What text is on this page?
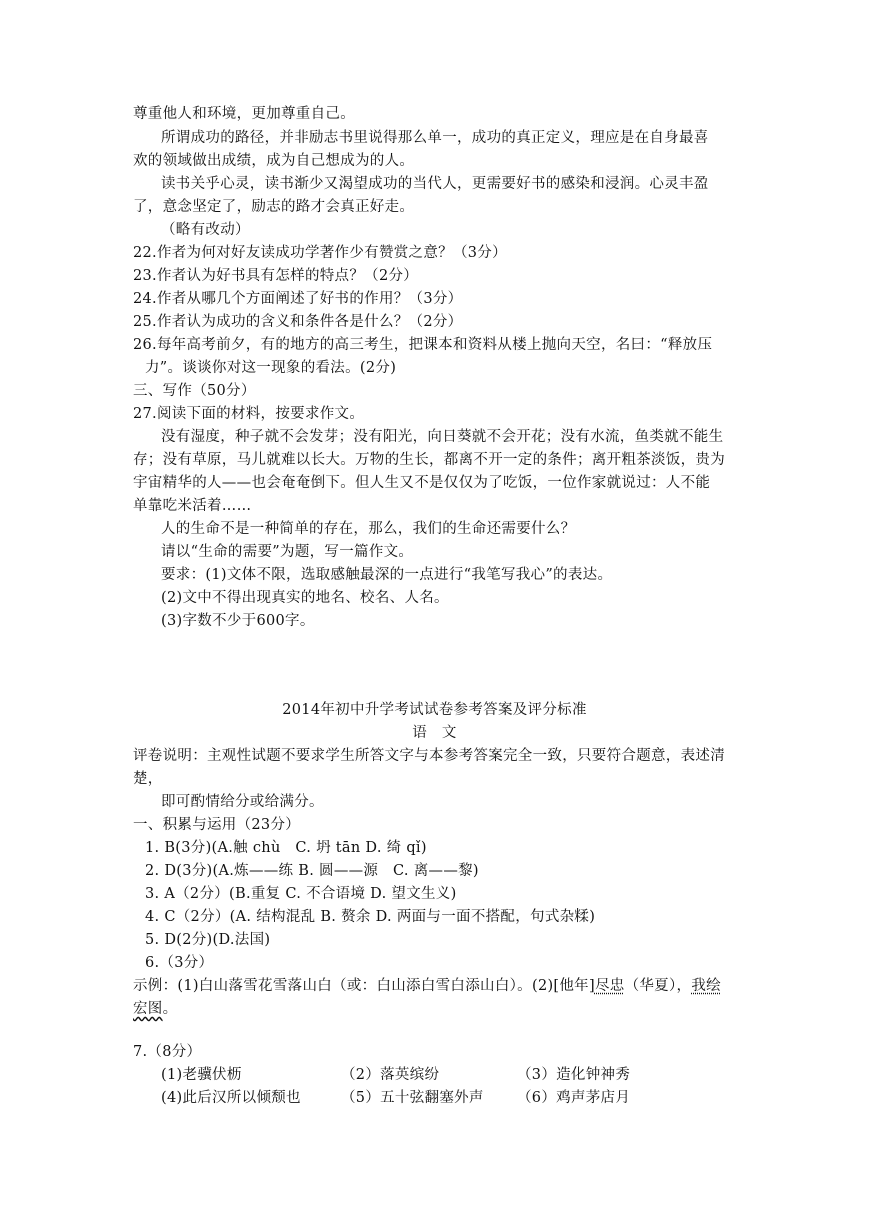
尊重他人和环境，更加尊重自己。
所谓成功的路径，并非励志书里说得那么单一，成功的真正定义，理应是在自身最喜
欢的领域做出成绩，成为自己想成为的人。
读书关乎心灵，读书渐少又渴望成功的当代人，更需要好书的感染和浸润。心灵丰盈
了，意念坚定了，励志的路才会真正好走。
（略有改动）
22.作者为何对好友读成功学著作少有赞赏之意？（3分）
23.作者认为好书具有怎样的特点？（2分）
24.作者从哪几个方面阐述了好书的作用？（3分）
25.作者认为成功的含义和条件各是什么？（2分）
26.每年高考前夕，有的地方的高三考生，把课本和资料从楼上抛向天空，名曰：“释放压
力”。谈谈你对这一现象的看法。(2分)
三、写作（50分）
27.阅读下面的材料，按要求作文。
没有湿度，种子就不会发芽；没有阳光，向日葵就不会开花；没有水流，鱼类就不能生
存；没有草原，马儿就难以长大。万物的生长，都离不开一定的条件；离开粗茶淡饭，贵为
宇宙精华的人——也会奄奄倒下。但人生又不是仅仅为了吃饭，一位作家就说过：人不能
单靠吃米活着……
人的生命不是一种简单的存在，那么，我们的生命还需要什么？
请以“生命的需要”为题，写一篇作文。
要求：(1)文体不限，选取感触最深的一点进行“我笔写我心”的表达。
(2)文中不得出现真实的地名、校名、人名。
(3)字数不少于600字。
2014年初中升学考试试卷参考答案及评分标准
语　文
评卷说明：主观性试题不要求学生所答文字与本参考答案完全一致，只要符合题意，表述清
楚，
即可酌情给分或给满分。
一、积累与运用（23分）
1. B(3分)(A.触 chù　C. 坍 tān D. 绮 qǐ)
2. D(3分)(A.炼——练 B. 圆——源　C. 离——黎)
3. A（2分）(B.重复 C. 不合语境 D. 望文生义)
4. C（2分）(A. 结构混乱 B. 赘余 D. 两面与一面不搭配，句式杂糅)
5. D(2分)(D.法国)
6.（3分）
示例：(1)白山落雪花雪落山白（或：白山添白雪白添山白）。(2)[他年]尽忠（华夏），我绘
宏图。
7.（8分）
(1)老骥伏枥	（2）落英缤纷	（3）造化钟神秀
(4)此后汉所以倾颓也	（5）五十弦翻塞外声 （6）鸡声茅店月
